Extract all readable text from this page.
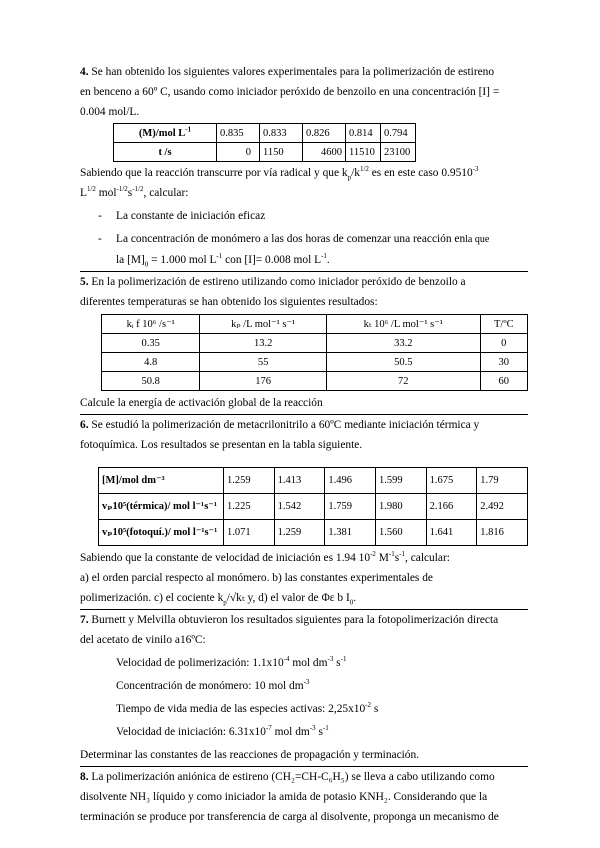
4. Se han obtenido los siguientes valores experimentales para la polimerización de estireno

en benceno a 60º C, usando como iniciador peróxido de benzoilo en una concentración [I] =

0.004 mol/L.

(M)/mol $L^{-1}$	0.835	0.833	0.826	0.814	0.794
t /s	0	1150	4600	11510	23100

Sabiendo que la reacción transcurre por vía radical y que $k_p/k^{1/2}$ es en este caso $0.9510^{-3}$

$L^{1/2}$ $mol^{-1/2}s^{-1/2}$, calcular:

-	La constante de iniciación eficaz

-	La concentración de monómero a las dos horas de comenzar una reacción enla que

la $[M]_0 = 1.000$ mol $L^{-1}$ con [I]= 0.008 mol $L^{-1}$.

5. En la polimerización de estireno utilizando como iniciador peróxido de benzoilo a

diferentes temperaturas se han obtenido los siguientes resultados:

kᵢ f 10⁶ /s⁻¹	kₚ /L mol⁻¹ s⁻¹	kₜ 10⁶ /L mol⁻¹ s⁻¹	T/ºC
0.35	13.2	33.2	0
4.8	55	50.5	30
50.8	176	72	60

Calcule la energía de activación global de la reacción

6. Se estudió la polimerización de metacrilonitrilo a 60ºC mediante iniciación térmica y

fotoquímica. Los resultados se presentan en la tabla siguiente.

[M]/mol dm⁻³	1.259	1.413	1.496	1.599	1.675	1.79
vₚ10⁵(térmica)/ mol l⁻¹s⁻¹	1.225	1.542	1.759	1.980	2.166	2.492
vₚ10⁵(fotoquí.)/ mol l⁻¹s⁻¹	1.071	1.259	1.381	1.560	1.641	1.816

Sabiendo que la constante de velocidad de iniciación es 1.94 $10^{-2}$ $M^{-1}s^{-1}$, calcular:

a) el orden parcial respecto al monómero. b) las constantes experimentales de

polimerización. c) el cociente $k_p/√k_t$ y, d) el valor de Φε b $I_0$.

7. Burnett y Melvilla obtuvieron los resultados siguientes para la fotopolimerización directa

del acetato de vinilo a16ºC:

Velocidad de polimerización: $1.1x10^{-4}$ mol $dm^{-3}$ $s^{-1}$

Concentración de monómero: 10 mol $dm^{-3}$

Tiempo de vida media de las especies activas: $2,25x10^{-2}$ s

Velocidad de iniciación: $6.31x10^{-7}$ mol $dm^{-3}$ $s^{-1}$

Determinar las constantes de las reacciones de propagación y terminación.

8. La polimerización aniónica de estireno (CH₂=CH-C₆H₅) se lleva a cabo utilizando como

disolvente NH₃ líquido y como iniciador la amida de potasio KNH₂. Considerando que la

terminación se produce por transferencia de carga al disolvente, proponga un mecanismo de
